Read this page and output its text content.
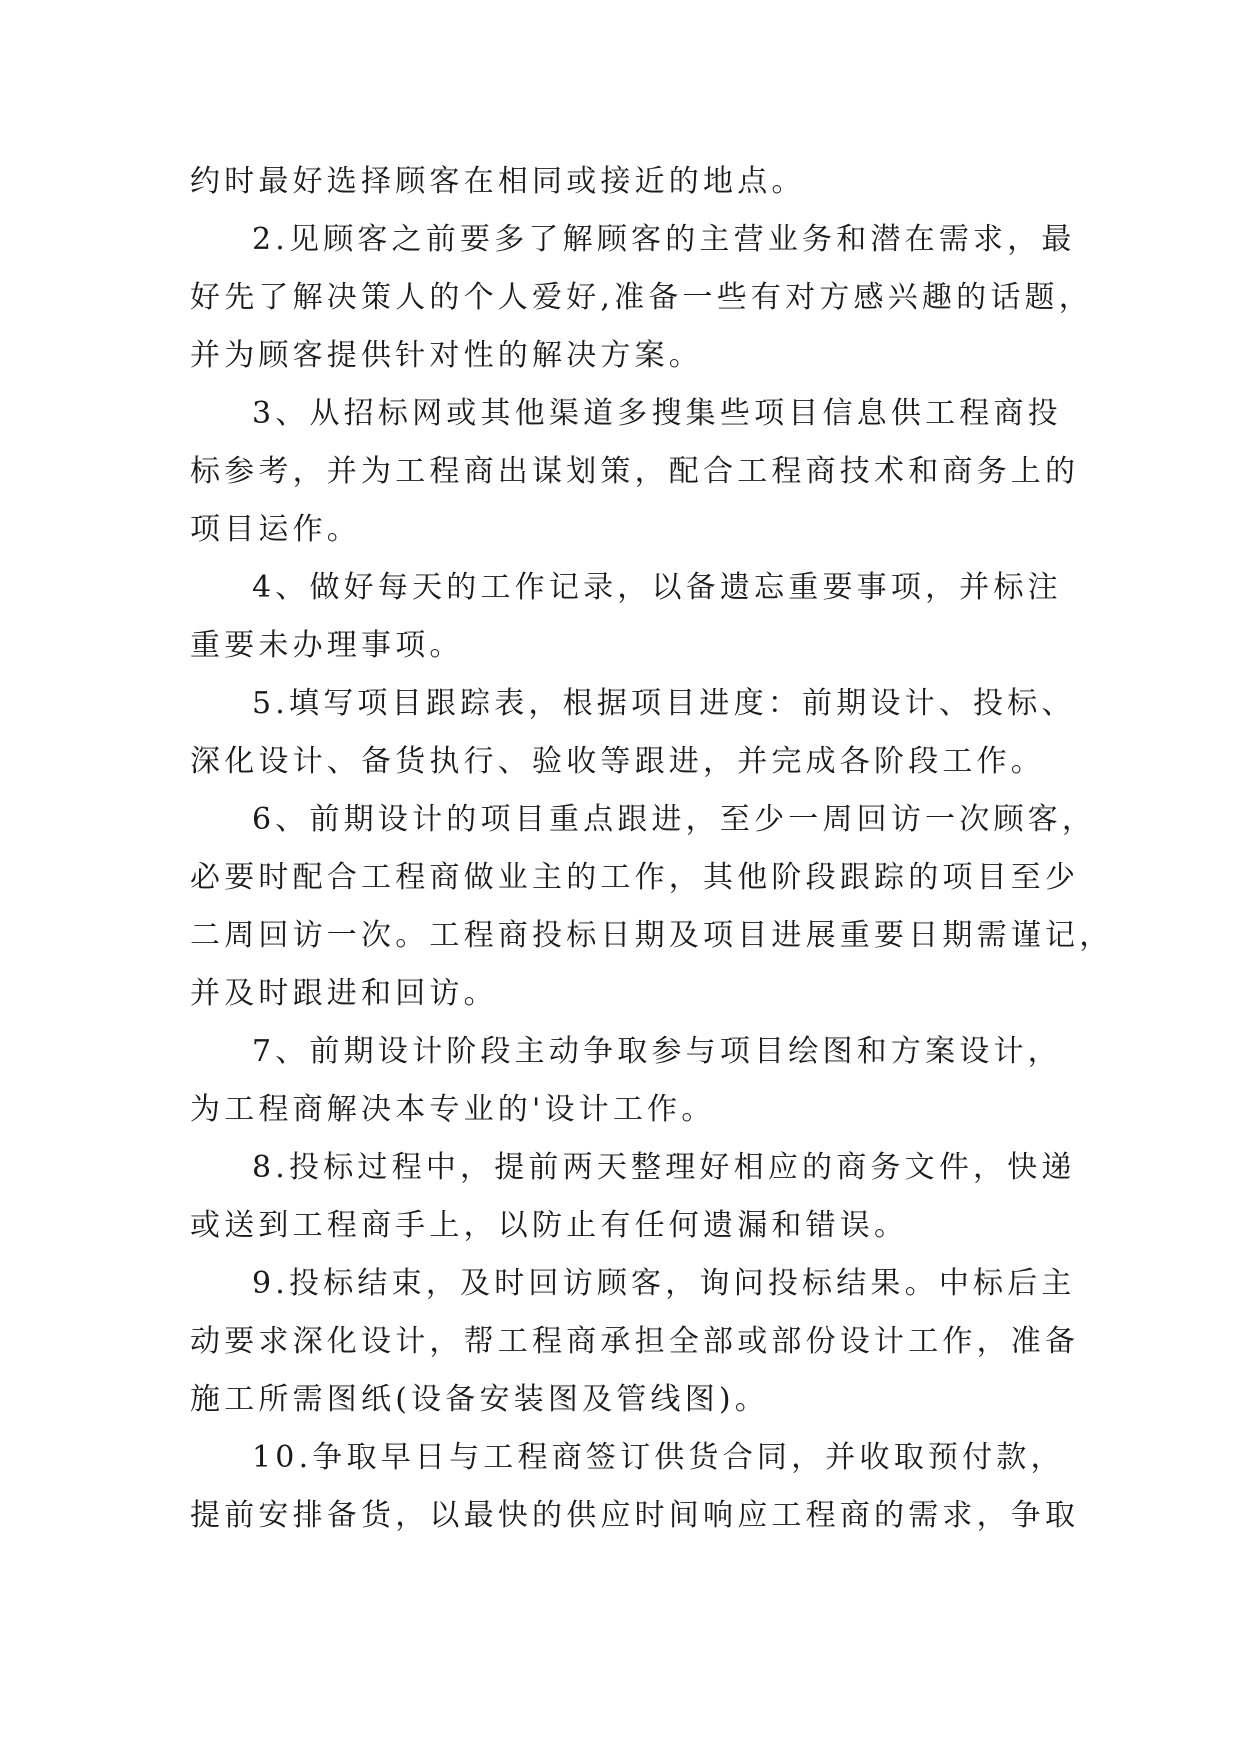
约时最好选择顾客在相同或接近的地点。
2.见顾客之前要多了解顾客的主营业务和潜在需求，最
好先了解决策人的个人爱好,准备一些有对方感兴趣的话题，
并为顾客提供针对性的解决方案。
3、从招标网或其他渠道多搜集些项目信息供工程商投
标参考，并为工程商出谋划策，配合工程商技术和商务上的
项目运作。
4、做好每天的工作记录，以备遗忘重要事项，并标注
重要未办理事项。
5.填写项目跟踪表，根据项目进度：前期设计、投标、
深化设计、备货执行、验收等跟进，并完成各阶段工作。
6、前期设计的项目重点跟进，至少一周回访一次顾客，
必要时配合工程商做业主的工作，其他阶段跟踪的项目至少
二周回访一次。工程商投标日期及项目进展重要日期需谨记，
并及时跟进和回访。
7、前期设计阶段主动争取参与项目绘图和方案设计，
为工程商解决本专业的'设计工作。
8.投标过程中，提前两天整理好相应的商务文件，快递
或送到工程商手上，以防止有任何遗漏和错误。
9.投标结束，及时回访顾客，询问投标结果。中标后主
动要求深化设计，帮工程商承担全部或部份设计工作，准备
施工所需图纸(设备安装图及管线图)。
10.争取早日与工程商签订供货合同，并收取预付款，
提前安排备货，以最快的供应时间响应工程商的需求，争取
